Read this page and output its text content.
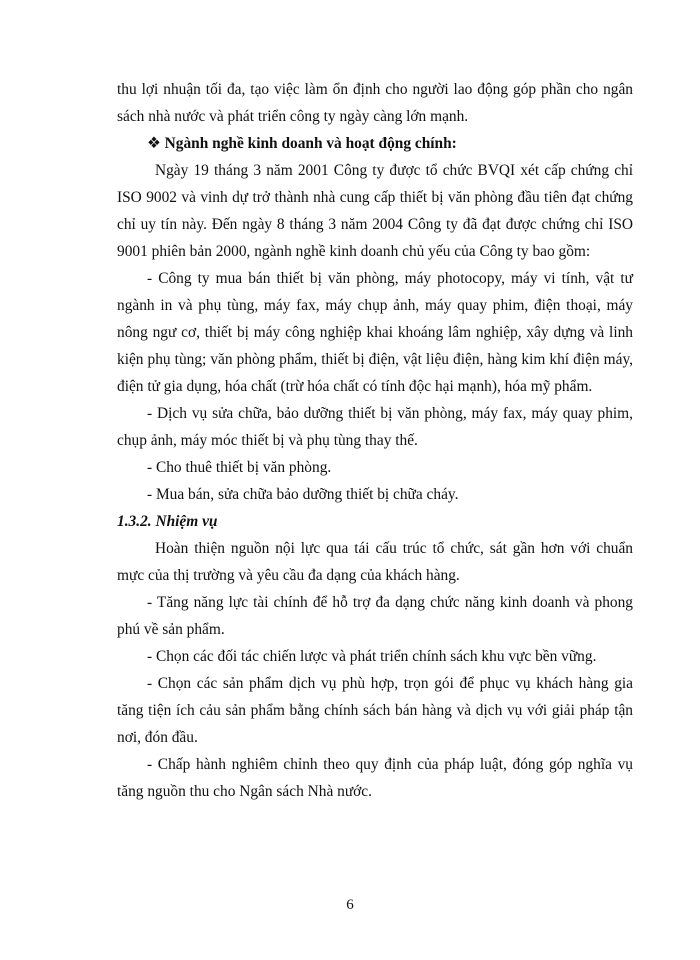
thu lợi nhuận tối đa, tạo việc làm ổn định cho người lao động góp phần cho ngân sách nhà nước và phát triển công ty ngày càng lớn mạnh.

❖ Ngành nghề kinh doanh và hoạt động chính:

Ngày 19 tháng 3 năm 2001 Công ty được tổ chức BVQI xét cấp chứng chỉ ISO 9002 và vinh dự trở thành nhà cung cấp thiết bị văn phòng đầu tiên đạt chứng chỉ uy tín này. Đến ngày 8 tháng 3 năm 2004 Công ty đã đạt được chứng chỉ ISO 9001 phiên bản 2000, ngành nghề kinh doanh chủ yếu của Công ty bao gồm:

- Công ty mua bán thiết bị văn phòng, máy photocopy, máy vi tính, vật tư ngành in và phụ tùng, máy fax, máy chụp ảnh, máy quay phim, điện thoại, máy nông ngư cơ, thiết bị máy công nghiệp khai khoáng lâm nghiệp, xây dựng và linh kiện phụ tùng; văn phòng phẩm, thiết bị điện, vật liệu điện, hàng kim khí điện máy, điện tử gia dụng, hóa chất (trừ hóa chất có tính độc hại mạnh), hóa mỹ phẩm.

- Dịch vụ sửa chữa, bảo dưỡng thiết bị văn phòng, máy fax, máy quay phim, chụp ảnh, máy móc thiết bị và phụ tùng thay thế.

- Cho thuê thiết bị văn phòng.

- Mua bán, sửa chữa bảo dưỡng thiết bị chữa cháy.

1.3.2. Nhiệm vụ

Hoàn thiện nguồn nội lực qua tái cấu trúc tổ chức, sát gần hơn với chuẩn mực của thị trường và yêu cầu đa dạng của khách hàng.

- Tăng năng lực tài chính để hỗ trợ đa dạng chức năng kinh doanh và phong phú về sản phẩm.

- Chọn các đối tác chiến lược và phát triển chính sách khu vực bền vững.

- Chọn các sản phẩm dịch vụ phù hợp, trọn gói để phục vụ khách hàng gia tăng tiện ích cảu sản phẩm bằng chính sách bán hàng và dịch vụ với giải pháp tận nơi, đón đầu.

- Chấp hành nghiêm chỉnh theo quy định của pháp luật, đóng góp nghĩa vụ tăng nguồn thu cho Ngân sách Nhà nước.

6
